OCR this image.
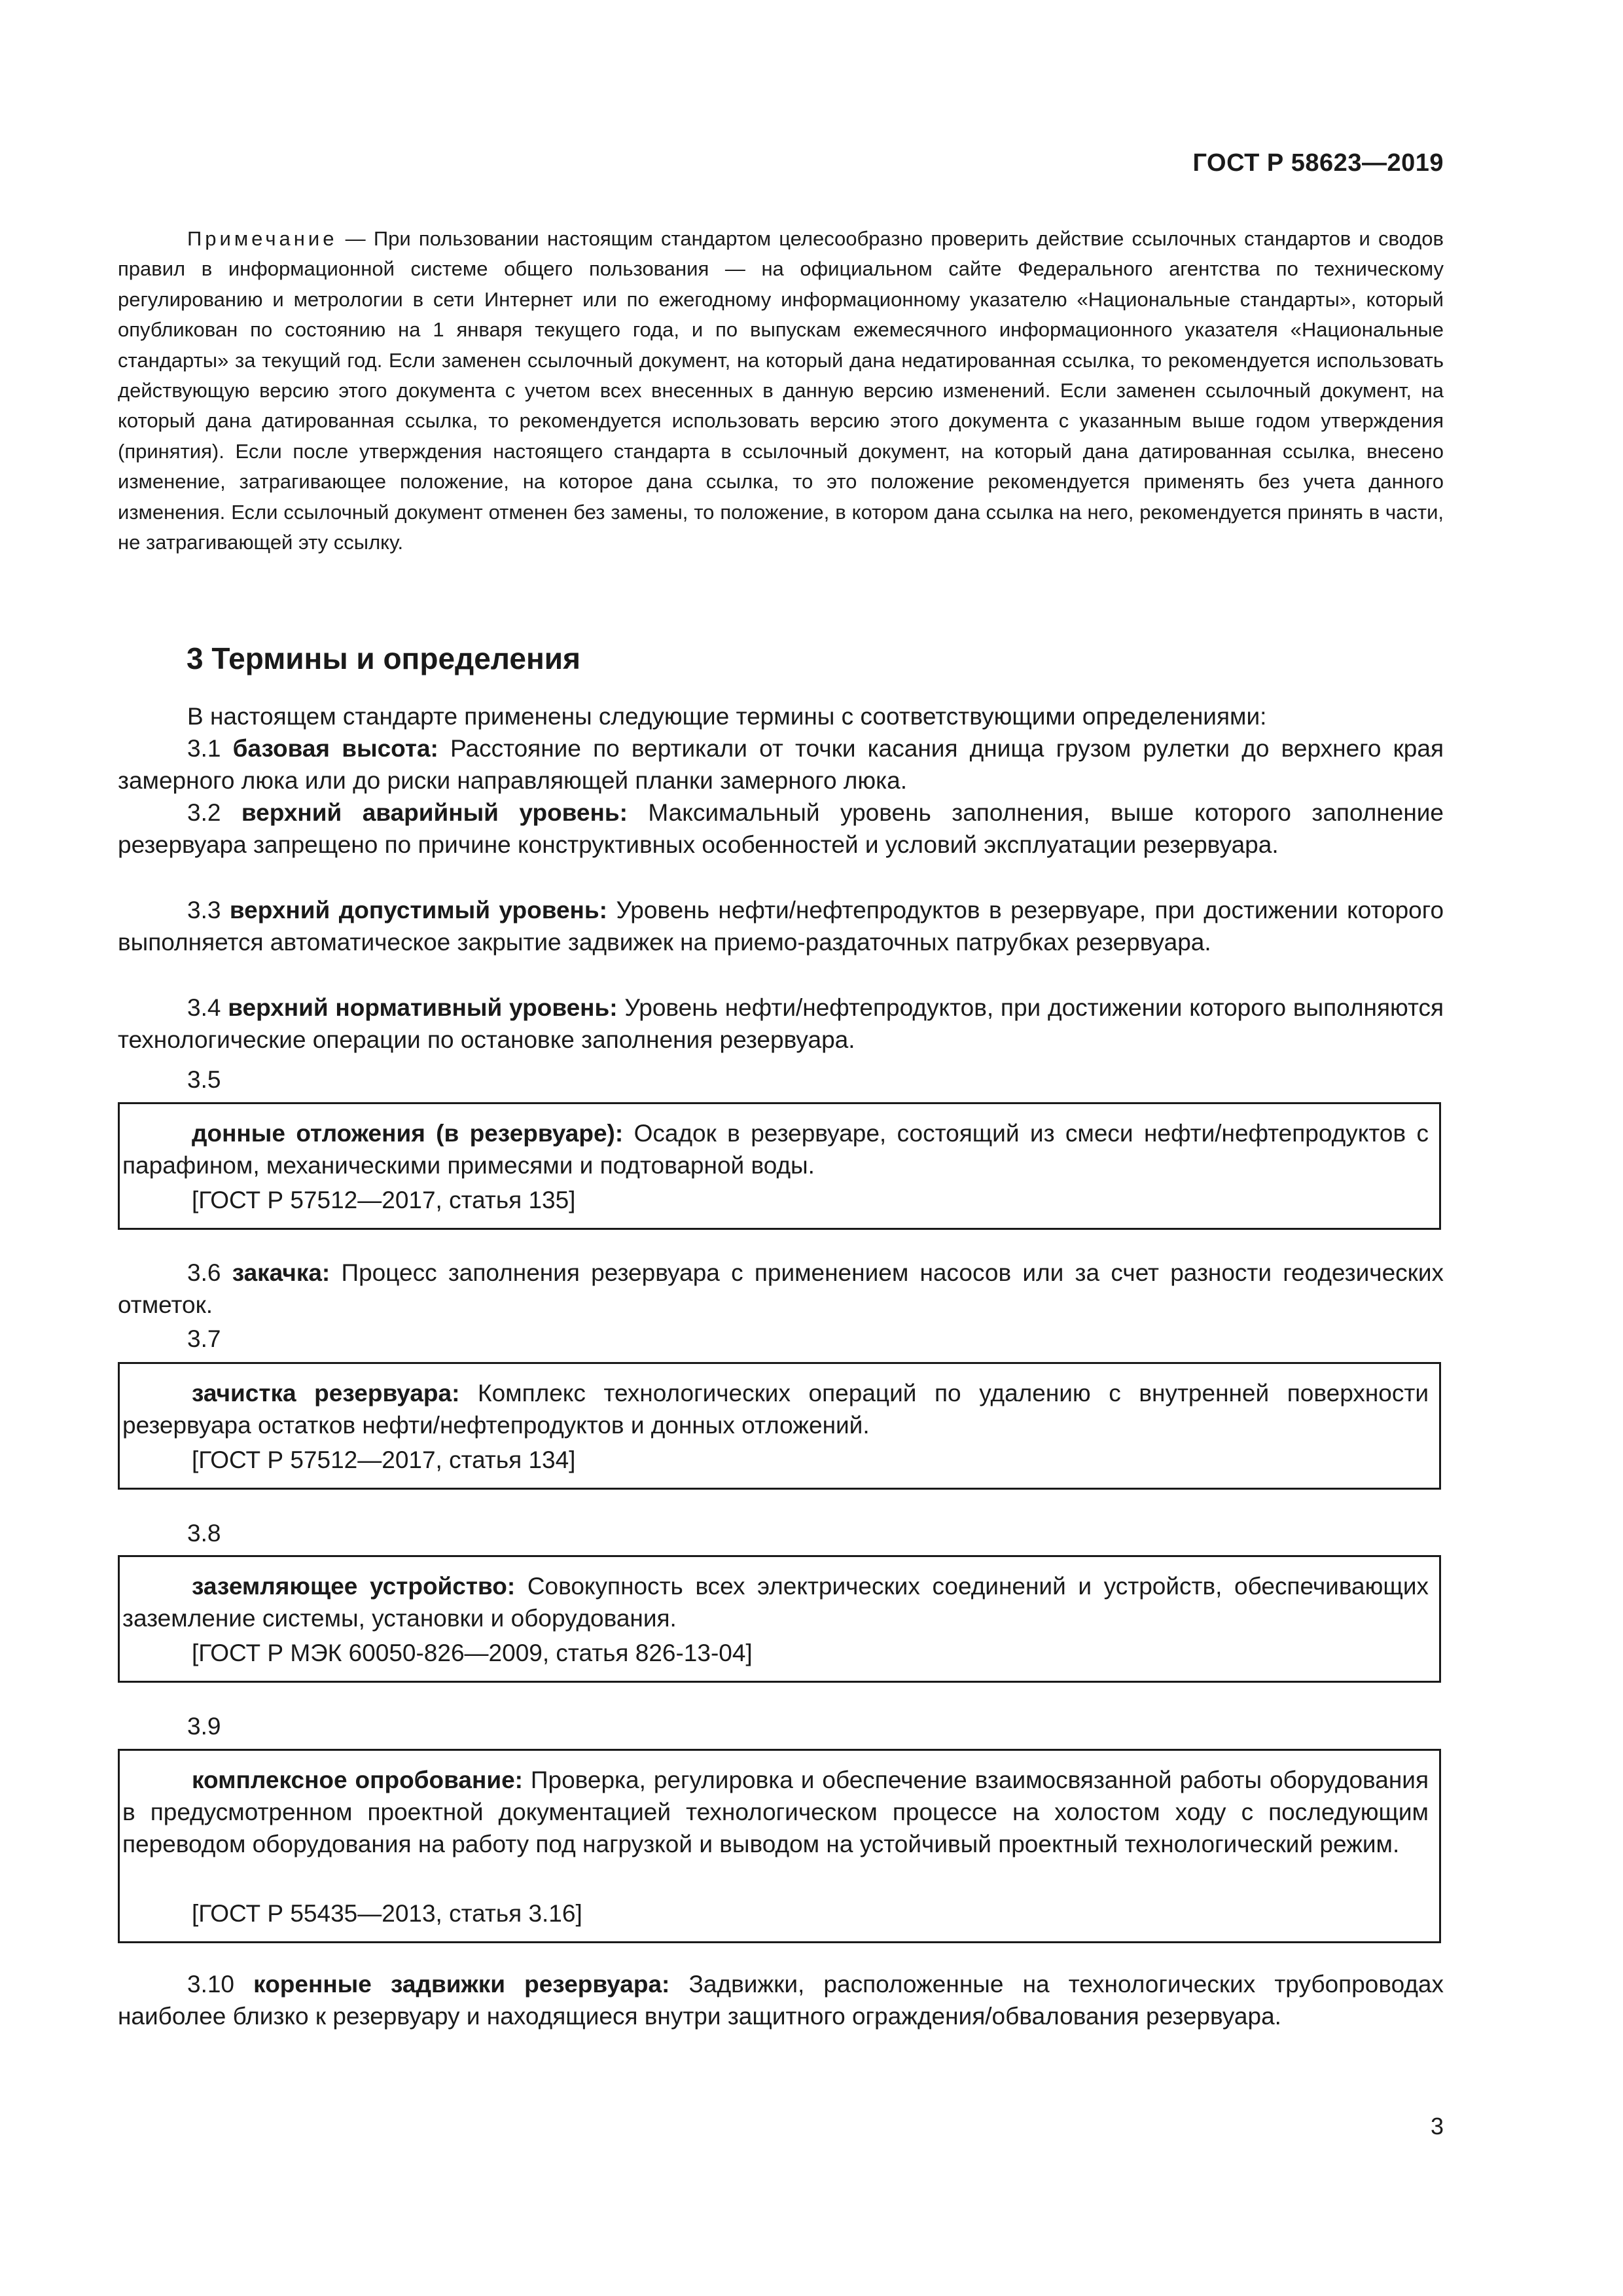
ГОСТ Р 58623—2019

Примечание — При пользовании настоящим стандартом целесообразно проверить действие ссылочных стандартов и сводов правил в информационной системе общего пользования — на официальном сайте Федерального агентства по техническому регулированию и метрологии в сети Интернет или по ежегодному информационному указателю «Национальные стандарты», который опубликован по состоянию на 1 января текущего года, и по выпускам ежемесячного информационного указателя «Национальные стандарты» за текущий год. Если заменен ссылочный документ, на который дана недатированная ссылка, то рекомендуется использовать действующую версию этого документа с учетом всех внесенных в данную версию изменений. Если заменен ссылочный документ, на который дана датированная ссылка, то рекомендуется использовать версию этого документа с указанным выше годом утверждения (принятия). Если после утверждения настоящего стандарта в ссылочный документ, на который дана датированная ссылка, внесено изменение, затрагивающее положение, на которое дана ссылка, то это положение рекомендуется применять без учета данного изменения. Если ссылочный документ отменен без замены, то положение, в котором дана ссылка на него, рекомендуется принять в части, не затрагивающей эту ссылку.

3 Термины и определения

В настоящем стандарте применены следующие термины с соответствующими определениями:

3.1 базовая высота: Расстояние по вертикали от точки касания днища грузом рулетки до верхнего края замерного люка или до риски направляющей планки замерного люка.

3.2 верхний аварийный уровень: Максимальный уровень заполнения, выше которого заполнение резервуара запрещено по причине конструктивных особенностей и условий эксплуатации резервуара.

3.3 верхний допустимый уровень: Уровень нефти/нефтепродуктов в резервуаре, при достижении которого выполняется автоматическое закрытие задвижек на приемо-раздаточных патрубках резервуара.

3.4 верхний нормативный уровень: Уровень нефти/нефтепродуктов, при достижении которого выполняются технологические операции по остановке заполнения резервуара.

3.5

донные отложения (в резервуаре): Осадок в резервуаре, состоящий из смеси нефти/нефтепродуктов с парафином, механическими примесями и подтоварной воды.

[ГОСТ Р 57512—2017, статья 135]

3.6 закачка: Процесс заполнения резервуара с применением насосов или за счет разности геодезических отметок.

3.7

зачистка резервуара: Комплекс технологических операций по удалению с внутренней поверхности резервуара остатков нефти/нефтепродуктов и донных отложений.

[ГОСТ Р 57512—2017, статья 134]

3.8

заземляющее устройство: Совокупность всех электрических соединений и устройств, обеспечивающих заземление системы, установки и оборудования.

[ГОСТ Р МЭК 60050-826—2009, статья 826-13-04]

3.9

комплексное опробование: Проверка, регулировка и обеспечение взаимосвязанной работы оборудования в предусмотренном проектной документацией технологическом процессе на холостом ходу с последующим переводом оборудования на работу под нагрузкой и выводом на устойчивый проектный технологический режим.

[ГОСТ Р 55435—2013, статья 3.16]

3.10 коренные задвижки резервуара: Задвижки, расположенные на технологических трубопроводах наиболее близко к резервуару и находящиеся внутри защитного ограждения/обвалования резервуара.

3
